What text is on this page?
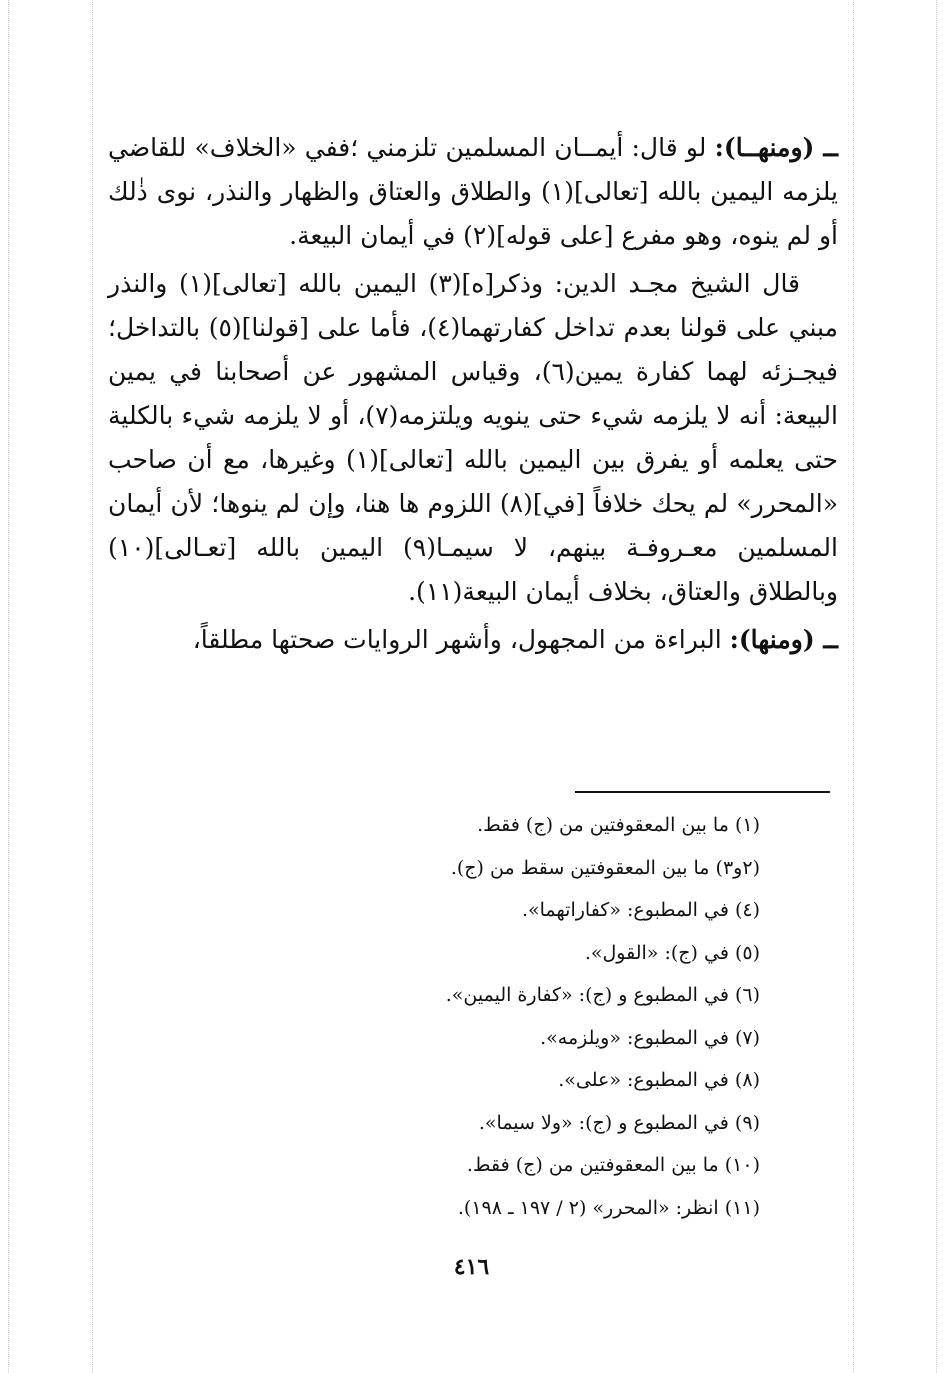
ــ (ومنهــا): لو قال: أيمــان المسلمين تلزمني ؛ففي «الخلاف» للقاضي يلزمه اليمين بالله [تعالى](١) والطلاق والعتاق والظهار والنذر، نوى ذٰلك أو لم ينوه، وهو مفرع [على قوله](٢) في أيمان البيعة.

قال الشيخ مجـد الدين: وذكر[ه](٣) اليمين بالله [تعالى](١) والنذر مبني على قولنا بعدم تداخل كفارتهما(٤)، فأما على [قولنا](٥) بالتداخل؛ فيجـزئه لهما كفارة يمين(٦)، وقياس المشهور عن أصحابنا في يمين البيعة: أنه لا يلزمه شيء حتى ينويه ويلتزمه(٧)، أو لا يلزمه شيء بالكلية حتى يعلمه أو يفرق بين اليمين بالله [تعالى](١) وغيرها، مع أن صاحب «المحرر» لم يحك خلافاً [في](٨) اللزوم ها هنا، وإن لم ينوها؛ لأن أيمان المسلمين معـروفـة بينهم، لا سيمـا(٩) اليمين بالله [تعـالى](١٠) وبالطلاق والعتاق، بخلاف أيمان البيعة(١١).

ــ (ومنها): البراءة من المجهول، وأشهر الروايات صحتها مطلقاً،

(١) ما بين المعقوفتين من (ج) فقط.
(٢و٣) ما بين المعقوفتين سقط من (ج).
(٤) في المطبوع: «كفاراتهما».
(٥) في (ج): «القول».
(٦) في المطبوع و (ج): «كفارة اليمين».
(٧) في المطبوع: «ويلزمه».
(٨) في المطبوع: «على».
(٩) في المطبوع و (ج): «ولا سيما».
(١٠) ما بين المعقوفتين من (ج) فقط.
(١١) انظر: «المحرر» (٢ / ١٩٧ ـ ١٩٨).
٤١٦
